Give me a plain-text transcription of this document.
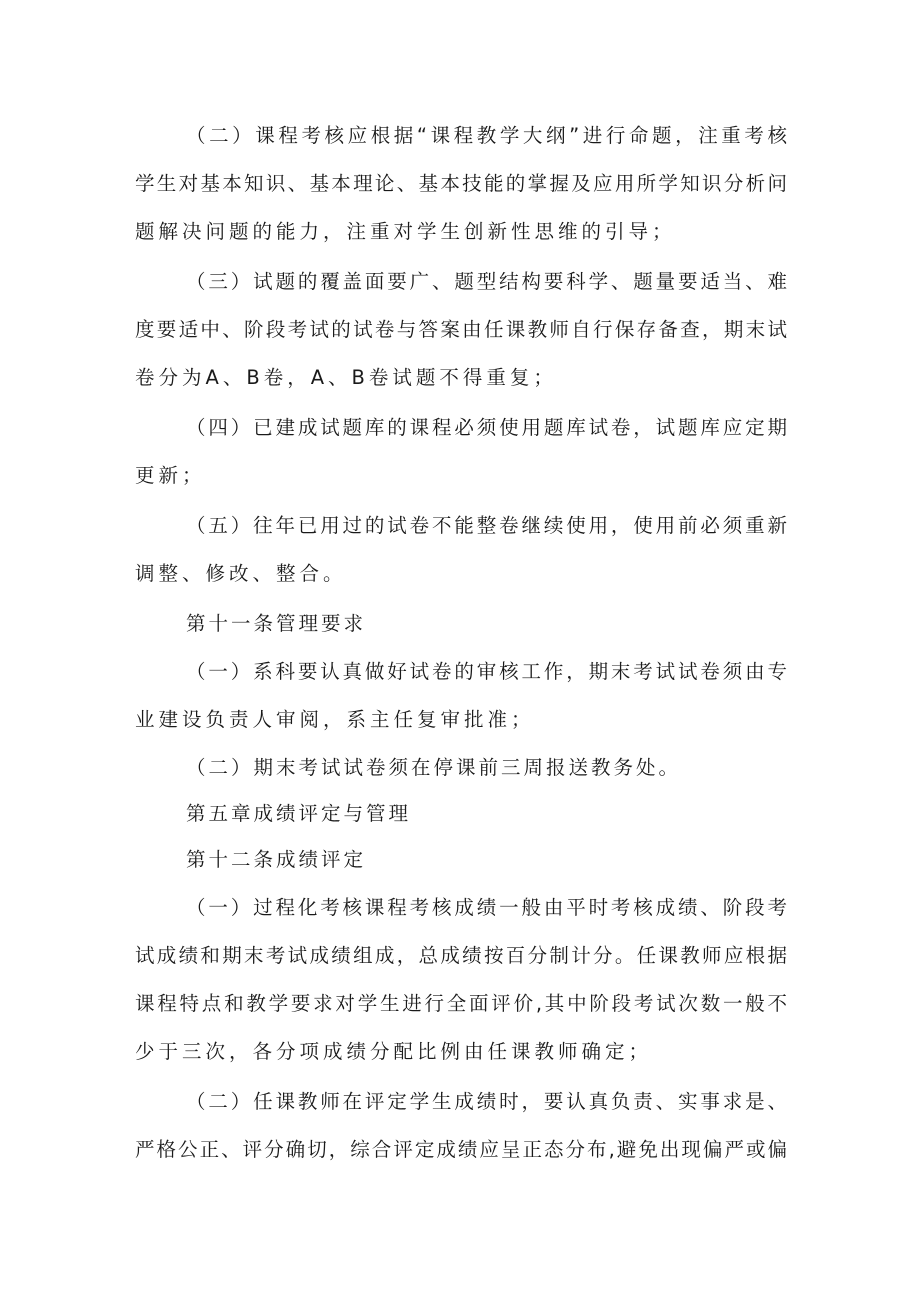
（二）课程考核应根据“课程教学大纲”进行命题，注重考核

学生对基本知识、基本理论、基本技能的掌握及应用所学知识分析问

题解决问题的能力，注重对学生创新性思维的引导；

（三）试题的覆盖面要广、题型结构要科学、题量要适当、难

度要适中、阶段考试的试卷与答案由任课教师自行保存备查，期末试

卷分为A、B卷，A、B卷试题不得重复；

（四）已建成试题库的课程必须使用题库试卷，试题库应定期

更新；

（五）往年已用过的试卷不能整卷继续使用，使用前必须重新

调整、修改、整合。

第十一条管理要求

（一）系科要认真做好试卷的审核工作，期末考试试卷须由专

业建设负责人审阅，系主任复审批准；

（二）期末考试试卷须在停课前三周报送教务处。

第五章成绩评定与管理

第十二条成绩评定

（一）过程化考核课程考核成绩一般由平时考核成绩、阶段考

试成绩和期末考试成绩组成，总成绩按百分制计分。任课教师应根据

课程特点和教学要求对学生进行全面评价,其中阶段考试次数一般不

少于三次，各分项成绩分配比例由任课教师确定；

（二）任课教师在评定学生成绩时，要认真负责、实事求是、

严格公正、评分确切，综合评定成绩应呈正态分布,避免出现偏严或偏
